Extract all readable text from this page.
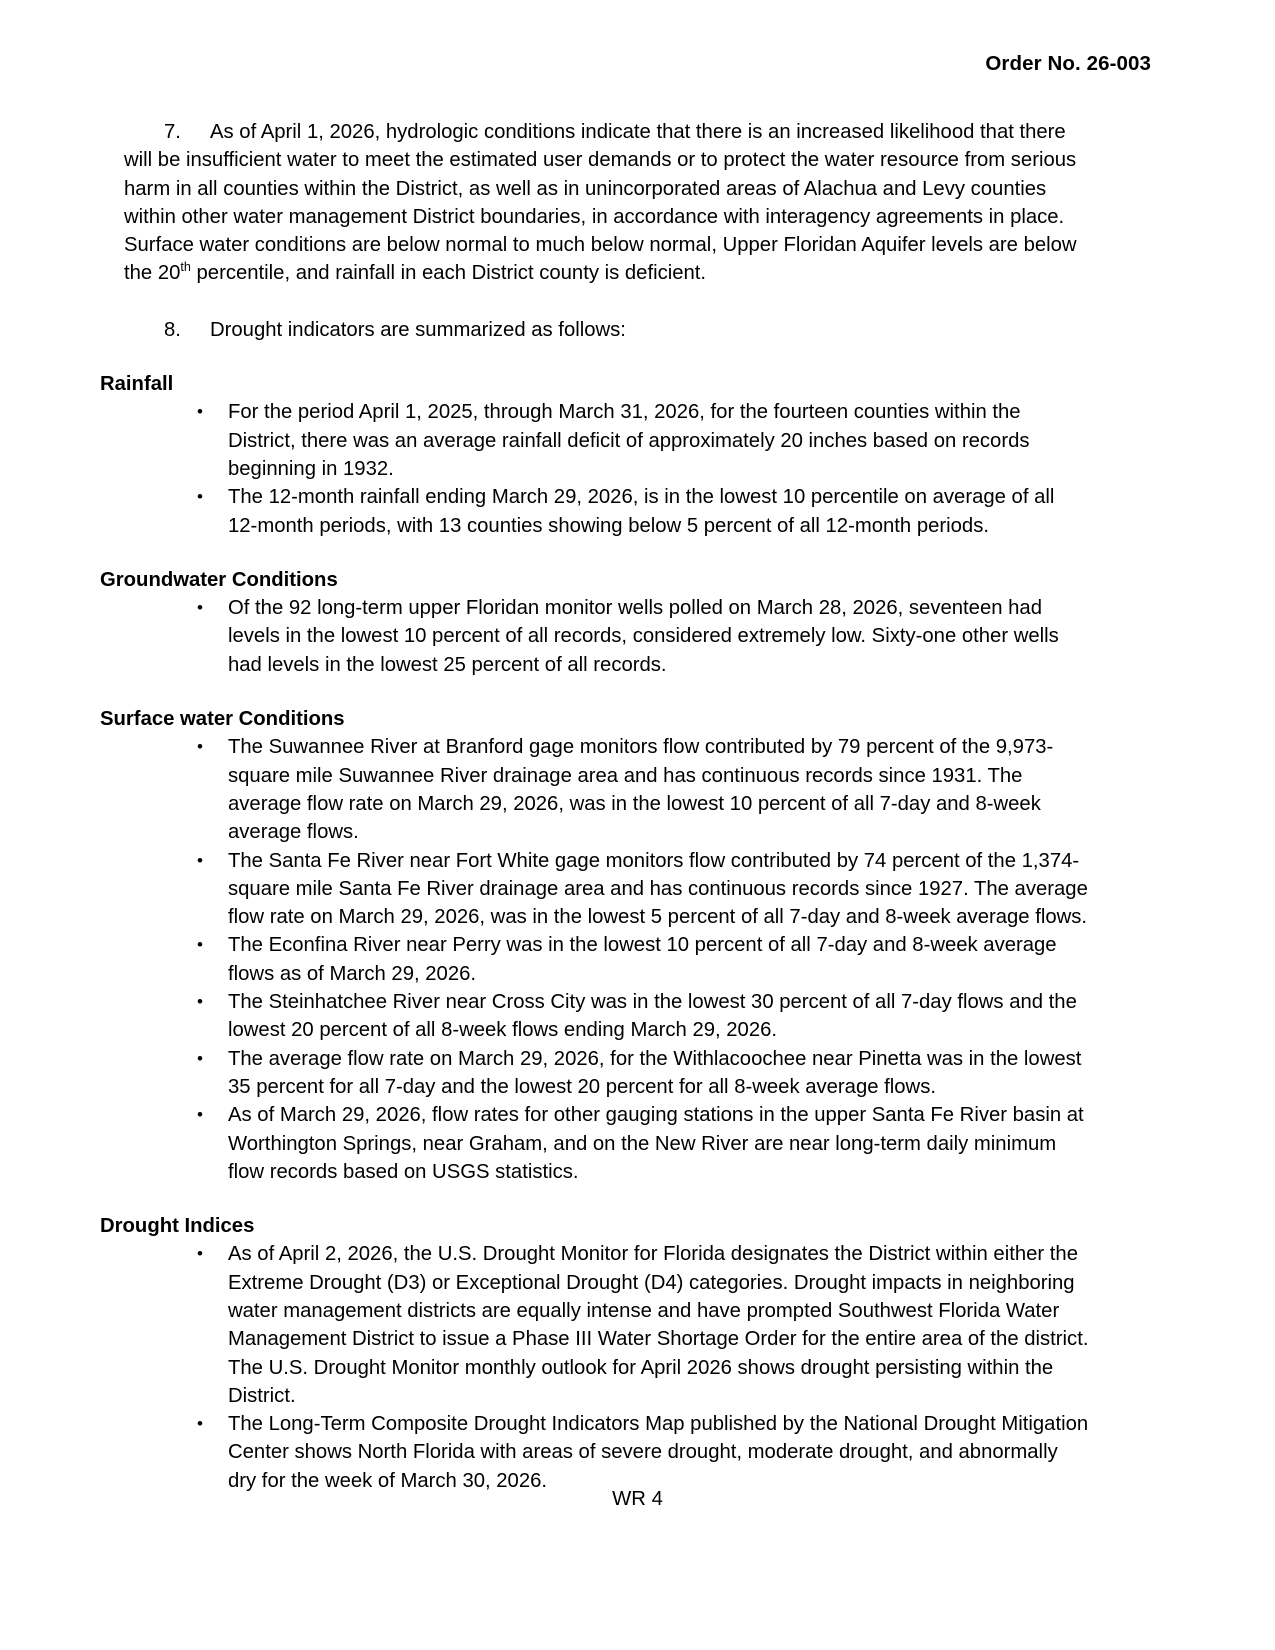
Order No. 26-003

7. As of April 1, 2026, hydrologic conditions indicate that there is an increased likelihood that there will be insufficient water to meet the estimated user demands or to protect the water resource from serious harm in all counties within the District, as well as in unincorporated areas of Alachua and Levy counties within other water management District boundaries, in accordance with interagency agreements in place. Surface water conditions are below normal to much below normal, Upper Floridan Aquifer levels are below the 20th percentile, and rainfall in each District county is deficient.

8. Drought indicators are summarized as follows:

Rainfall
• For the period April 1, 2025, through March 31, 2026, for the fourteen counties within the District, there was an average rainfall deficit of approximately 20 inches based on records beginning in 1932.
• The 12-month rainfall ending March 29, 2026, is in the lowest 10 percentile on average of all 12-month periods, with 13 counties showing below 5 percent of all 12-month periods.
Groundwater Conditions
• Of the 92 long-term upper Floridan monitor wells polled on March 28, 2026, seventeen had levels in the lowest 10 percent of all records, considered extremely low. Sixty-one other wells had levels in the lowest 25 percent of all records.
Surface water Conditions
• The Suwannee River at Branford gage monitors flow contributed by 79 percent of the 9,973-square mile Suwannee River drainage area and has continuous records since 1931. The average flow rate on March 29, 2026, was in the lowest 10 percent of all 7-day and 8-week average flows.
• The Santa Fe River near Fort White gage monitors flow contributed by 74 percent of the 1,374-square mile Santa Fe River drainage area and has continuous records since 1927. The average flow rate on March 29, 2026, was in the lowest 5 percent of all 7-day and 8-week average flows.
• The Econfina River near Perry was in the lowest 10 percent of all 7-day and 8-week average flows as of March 29, 2026.
• The Steinhatchee River near Cross City was in the lowest 30 percent of all 7-day flows and the lowest 20 percent of all 8-week flows ending March 29, 2026.
• The average flow rate on March 29, 2026, for the Withlacoochee near Pinetta was in the lowest 35 percent for all 7-day and the lowest 20 percent for all 8-week average flows.
• As of March 29, 2026, flow rates for other gauging stations in the upper Santa Fe River basin at Worthington Springs, near Graham, and on the New River are near long-term daily minimum flow records based on USGS statistics.
Drought Indices
• As of April 2, 2026, the U.S. Drought Monitor for Florida designates the District within either the Extreme Drought (D3) or Exceptional Drought (D4) categories. Drought impacts in neighboring water management districts are equally intense and have prompted Southwest Florida Water Management District to issue a Phase III Water Shortage Order for the entire area of the district. The U.S. Drought Monitor monthly outlook for April 2026 shows drought persisting within the District.
• The Long-Term Composite Drought Indicators Map published by the National Drought Mitigation Center shows North Florida with areas of severe drought, moderate drought, and abnormally dry for the week of March 30, 2026.
WR 4
